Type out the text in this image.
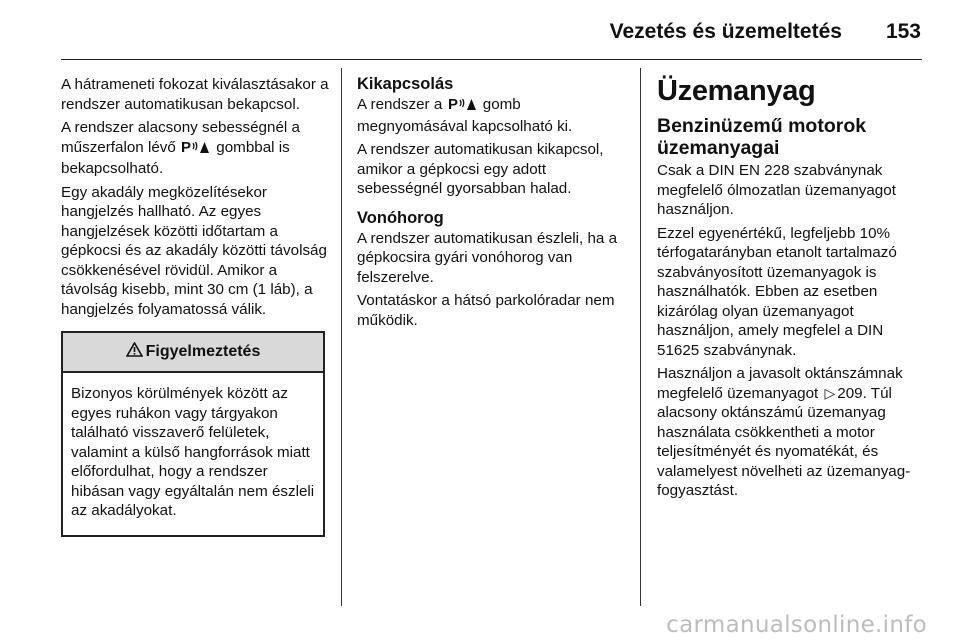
Vezetés és üzemeltetés 153

A hátrameneti fokozat kiválasztásakor a rendszer automatikusan bekapcsol.

A rendszer alacsony sebességnél a műszerfalon lévő P gombbal is bekapcsolható.

Egy akadály megközelítésekor hangjelzés hallható. Az egyes hangjelzések közötti időtartam a gépkocsi és az akadály közötti távolság csökkenésével rövidül. Amikor a távolság kisebb, mint 30 cm (1 láb), a hangjelzés folyamatossá válik.

Figyelmeztetés
Bizonyos körülmények között az egyes ruhákon vagy tárgyakon található visszaverő felületek, valamint a külső hangforrások miatt előfordulhat, hogy a rendszer hibásan vagy egyáltalán nem észleli az akadályokat.
Kikapcsolás

A rendszer a P gomb megnyomásával kapcsolható ki.

A rendszer automatikusan kikapcsol, amikor a gépkocsi egy adott sebességnél gyorsabban halad.

Vonóhorog

A rendszer automatikusan észleli, ha a gépkocsira gyári vonóhorog van felszerelve.

Vontatáskor a hátsó parkolóradar nem működik.

Üzemanyag
Benzinüzemű motorok üzemanyagai

Csak a DIN EN 228 szabványnak megfelelő ólmozatlan üzemanyagot használjon.

Ezzel egyenértékű, legfeljebb 10% térfogatarányban etanolt tartalmazó szabványosított üzemanyagok is használhatók. Ebben az esetben kizárólag olyan üzemanyagot használjon, amely megfelel a DIN 51625 szabványnak.

Használjon a javasolt oktánszámnak megfelelő üzemanyagot ▷ 209. Túl alacsony oktánszámú üzemanyag használata csökkentheti a motor teljesítményét és nyomatékát, és valamelyest növelheti az üzemanyag-fogyasztást.

carmanualsonline.info
